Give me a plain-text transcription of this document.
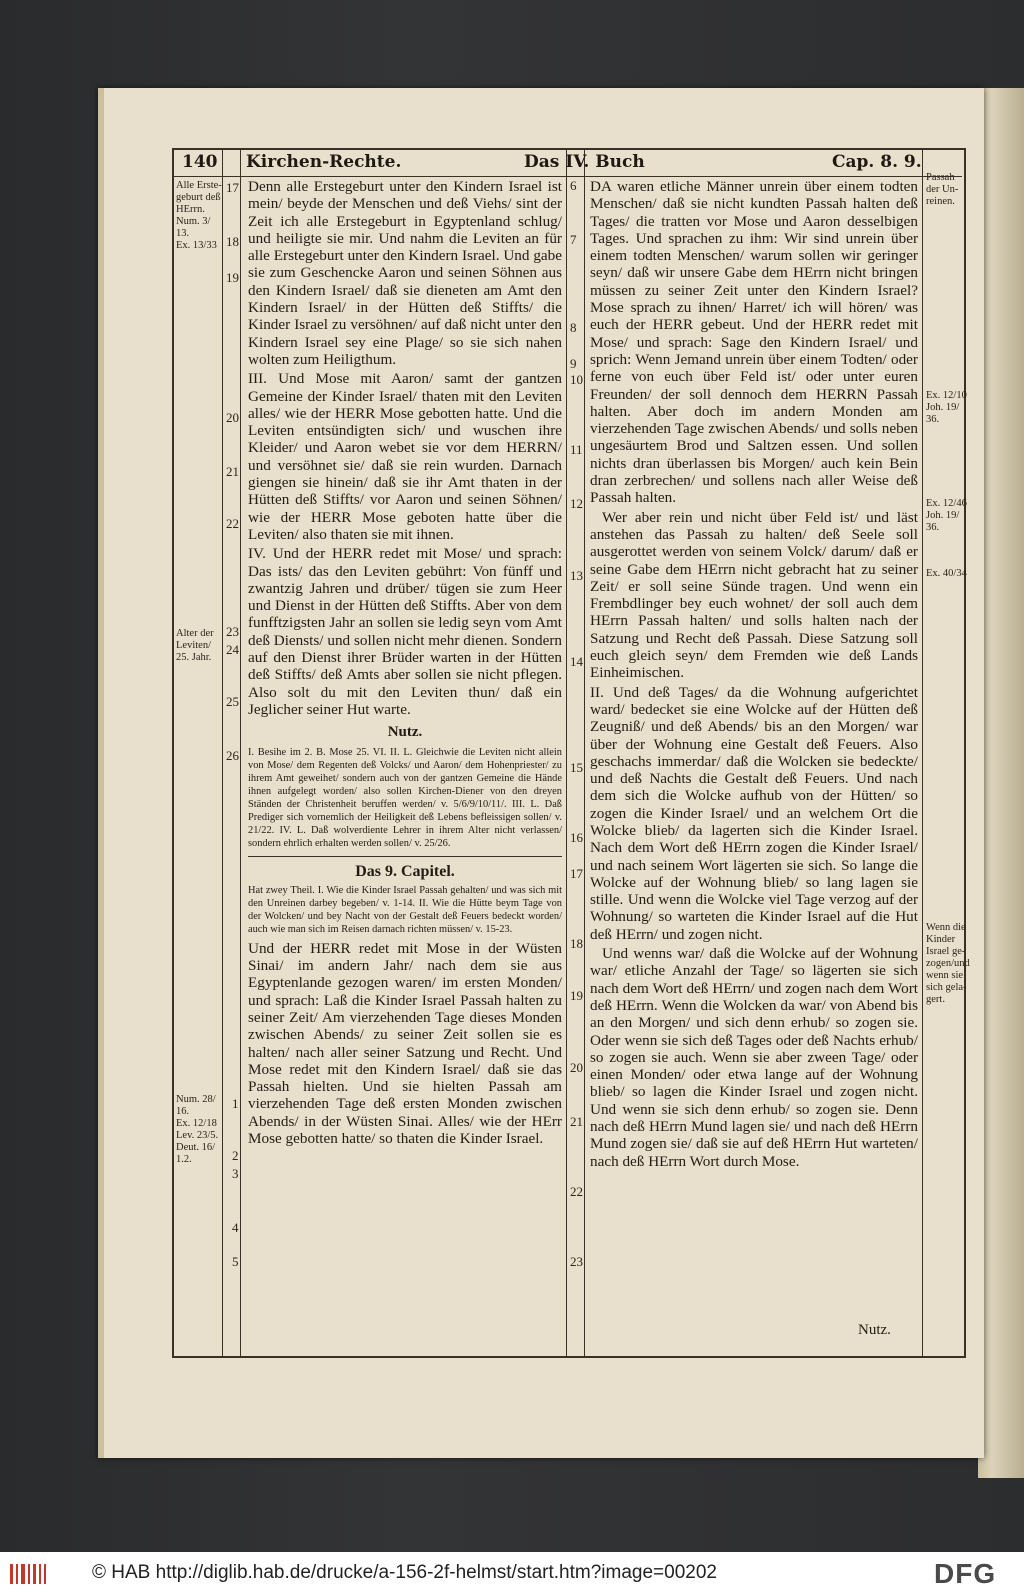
140 Kirchen-Rechte.	Das IV. Buch	Cap. 8. 9.
Alle Erste-
geburt deß
HErrn.
Num. 3/
13.
Ex. 13/33
Alter der
Leviten/
25. Jahr.
Num. 28/
16.
Ex. 12/18
Lev. 23/5.
Deut. 16/
1.2.
Passah
der Un-
reinen.
Ex. 12/10
Joh. 19/
36.
Ex. 12/46
Joh. 19/
36.
Ex. 40/34
Wenn die
Kinder
Israel ge-
zogen/und
wenn sie
sich gela-
gert.
17
18
19
20
21
22
23
24
25
26
1
2
3
4
5

Denn alle Erstegeburt unter den Kindern Israel ist mein/ beyde der Menschen und deß Viehs/ sint der Zeit ich alle Erstegeburt in Egyptenland schlug/ und heiligte sie mir. Und nahm die Leviten an für alle Erstegeburt unter den Kindern Israel. Und gabe sie zum Geschencke Aaron und seinen Söhnen aus den Kindern Israel/ daß sie dieneten am Amt den Kindern Israel/ in der Hütten deß Stiffts/ die Kinder Israel zu versöhnen/ auf daß nicht unter den Kindern Israel sey eine Plage/ so sie sich nahen wolten zum Heiligthum.

III. Und Mose mit Aaron/ samt der gantzen Gemeine der Kinder Israel/ thaten mit den Leviten alles/ wie der HERR Mose gebotten hatte. Und die Leviten entsündigten sich/ und wuschen ihre Kleider/ und Aaron webet sie vor dem HERRN/ und versöhnet sie/ daß sie rein wurden. Darnach giengen sie hinein/ daß sie ihr Amt thaten in der Hütten deß Stiffts/ vor Aaron und seinen Söhnen/ wie der HERR Mose geboten hatte über die Leviten/ also thaten sie mit ihnen.

IV. Und der HERR redet mit Mose/ und sprach: Das ists/ das den Leviten gebührt: Von fünff und zwantzig Jahren und drüber/ tügen sie zum Heer und Dienst in der Hütten deß Stiffts. Aber von dem funfftzigsten Jahr an sollen sie ledig seyn vom Amt deß Diensts/ und sollen nicht mehr dienen. Sondern auf den Dienst ihrer Brüder warten in der Hütten deß Stiffts/ deß Amts aber sollen sie nicht pflegen. Also solt du mit den Leviten thun/ daß ein Jeglicher seiner Hut warte.

Nutz.

I. Besihe im 2. B. Mose 25. VI. II. L. Gleichwie die Leviten nicht allein von Mose/ dem Regenten deß Volcks/ und Aaron/ dem Hohenpriester/ zu ihrem Amt geweihet/ sondern auch von der gantzen Gemeine die Hände ihnen aufgelegt worden/ also sollen Kirchen-Diener von den dreyen Ständen der Christenheit beruffen werden/ v. 5/6/9/10/11/. III. L. Daß Prediger sich vornemlich der Heiligkeit deß Lebens befleissigen sollen/ v. 21/22. IV. L. Daß wolverdiente Lehrer in ihrem Alter nicht verlassen/ sondern ehrlich erhalten werden sollen/ v. 25/26.

Das 9. Capitel.

Hat zwey Theil. I. Wie die Kinder Israel Passah gehalten/ und was sich mit den Unreinen darbey begeben/ v. 1-14. II. Wie die Hütte beym Tage von der Wolcken/ und bey Nacht von der Gestalt deß Feuers bedeckt worden/ auch wie man sich im Reisen darnach richten müssen/ v. 15-23.

Und der HERR redet mit Mose in der Wüsten Sinai/ im andern Jahr/ nach dem sie aus Egyptenlande gezogen waren/ im ersten Monden/ und sprach: Laß die Kinder Israel Passah halten zu seiner Zeit/ Am vierzehenden Tage dieses Monden zwischen Abends/ zu seiner Zeit sollen sie es halten/ nach aller seiner Satzung und Recht. Und Mose redet mit den Kindern Israel/ daß sie das Passah hielten. Und sie hielten Passah am vierzehenden Tage deß ersten Monden zwischen Abends/ in der Wüsten Sinai. Alles/ wie der HErr Mose gebotten hatte/ so thaten die Kinder Israel.

6
7
8
9
10
11
12
13
14
15
16
17
18
19
20
21
22
23

DA waren etliche Männer unrein über einem todten Menschen/ daß sie nicht kundten Passah halten deß Tages/ die tratten vor Mose und Aaron desselbigen Tages. Und sprachen zu ihm: Wir sind unrein über einem todten Menschen/ warum sollen wir geringer seyn/ daß wir unsere Gabe dem HErrn nicht bringen müssen zu seiner Zeit unter den Kindern Israel? Mose sprach zu ihnen/ Harret/ ich will hören/ was euch der HERR gebeut. Und der HERR redet mit Mose/ und sprach: Sage den Kindern Israel/ und sprich: Wenn Jemand unrein über einem Todten/ oder ferne von euch über Feld ist/ oder unter euren Freunden/ der soll dennoch dem HERRN Passah halten. Aber doch im andern Monden am vierzehenden Tage zwischen Abends/ und solls neben ungesäurtem Brod und Saltzen essen. Und sollen nichts dran überlassen bis Morgen/ auch kein Bein dran zerbrechen/ und sollens nach aller Weise deß Passah halten.

Wer aber rein und nicht über Feld ist/ und läst anstehen das Passah zu halten/ deß Seele soll ausgerottet werden von seinem Volck/ darum/ daß er seine Gabe dem HErrn nicht gebracht hat zu seiner Zeit/ er soll seine Sünde tragen. Und wenn ein Frembdlinger bey euch wohnet/ der soll auch dem HErrn Passah halten/ und solls halten nach der Satzung und Recht deß Passah. Diese Satzung soll euch gleich seyn/ dem Fremden wie deß Lands Einheimischen.

II. Und deß Tages/ da die Wohnung aufgerichtet ward/ bedecket sie eine Wolcke auf der Hütten deß Zeugniß/ und deß Abends/ bis an den Morgen/ war über der Wohnung eine Gestalt deß Feuers. Also geschachs immerdar/ daß die Wolcken sie bedeckte/ und deß Nachts die Gestalt deß Feuers. Und nach dem sich die Wolcke aufhub von der Hütten/ so zogen die Kinder Israel/ und an welchem Ort die Wolcke blieb/ da lagerten sich die Kinder Israel. Nach dem Wort deß HErrn zogen die Kinder Israel/ und nach seinem Wort lägerten sie sich. So lange die Wolcke auf der Wohnung blieb/ so lang lagen sie stille. Und wenn die Wolcke viel Tage verzog auf der Wohnung/ so warteten die Kinder Israel auf die Hut deß HErrn/ und zogen nicht.

Und wenns war/ daß die Wolcke auf der Wohnung war/ etliche Anzahl der Tage/ so lägerten sie sich nach dem Wort deß HErrn/ und zogen nach dem Wort deß HErrn. Wenn die Wolcken da war/ von Abend bis an den Morgen/ und sich denn erhub/ so zogen sie. Oder wenn sie sich deß Tages oder deß Nachts erhub/ so zogen sie auch. Wenn sie aber zween Tage/ oder einen Monden/ oder etwa lange auf der Wohnung blieb/ so lagen die Kinder Israel und zogen nicht. Und wenn sie sich denn erhub/ so zogen sie. Denn nach deß HErrn Mund lagen sie/ und nach deß HErrn Mund zogen sie/ daß sie auf deß HErrn Hut warteten/ nach deß HErrn Wort durch Mose.

Nutz.
© HAB http://diglib.hab.de/drucke/a-156-2f-helmst/start.htm?image=00202	DFG
